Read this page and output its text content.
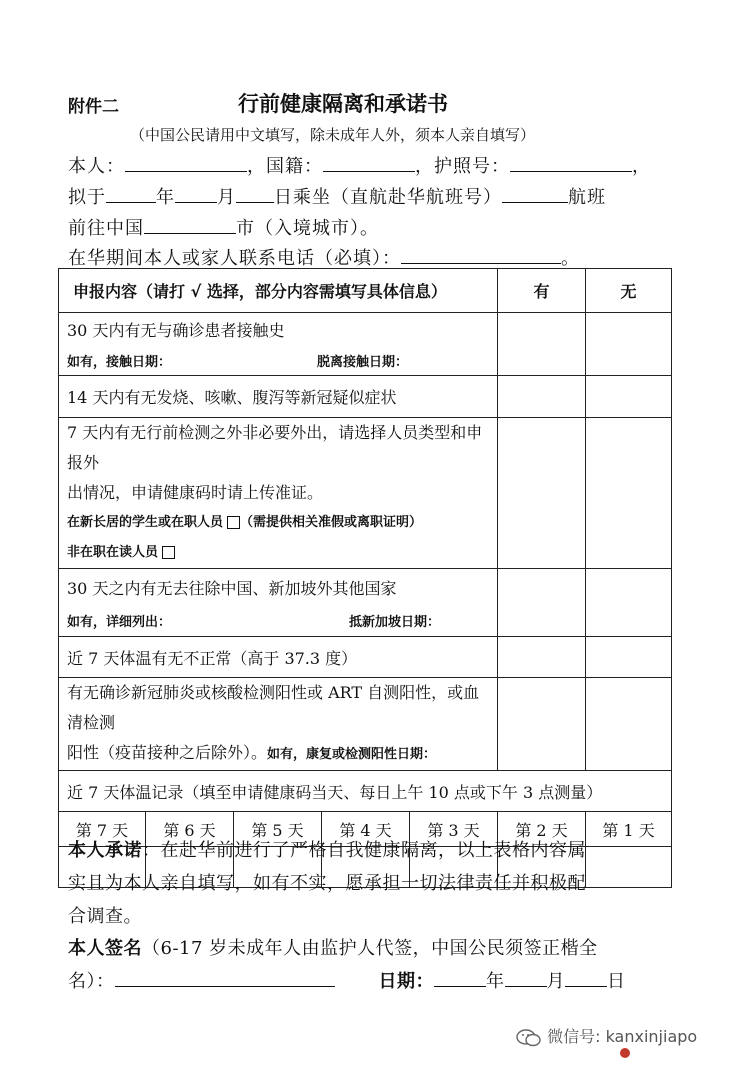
附件二	行前健康隔离和承诺书
（中国公民请用中文填写，除未成年人外，须本人亲自填写）
本人：	，国籍：	，护照号：	，
拟于	年 月 日乘坐（直航赴华航班号）	航班
前往中国	市（入境城市）。
在华期间本人或家人联系电话（必填）：	。
申报内容（请打 √ 选择，部分内容需填写具体信息）					有	无

30 天内有无与确诊患者接触史
如有，接触日期： 脱离接触日期：						

14 天内有无发烧、咳嗽、腹泻等新冠疑似症状						

7 天内有无行前检测之外非必要外出，请选择人员类型和申报外
出情况，申请健康码时请上传准证。
在新长居的学生或在职人员 （需提供相关准假或离职证明）
非在职在读人员						

30 天之内有无去往除中国、新加坡外其他国家
如有，详细列出： 抵新加坡日期：						

近 7 天体温有无不正常（高于 37.3 度）						

有无确诊新冠肺炎或核酸检测阳性或 ART 自测阳性，或血清检测
阳性（疫苗接种之后除外）。如有，康复或检测阳性日期：						

近 7 天体温记录（填至申请健康码当天、每日上午 10 点或下午 3 点测量）						
第 7 天	第 6 天	第 5 天	第 4 天	第 3 天	第 2 天	第 1 天

本人承诺：在赴华前进行了严格自我健康隔离，以上表格内容属
实且为本人亲自填写，如有不实，愿承担一切法律责任并积极配
合调查。
本人签名（6-17 岁未成年人由监护人代签，中国公民须签正楷全
名）：	日期：	年 月 日
微信号: kanxinjiapo
